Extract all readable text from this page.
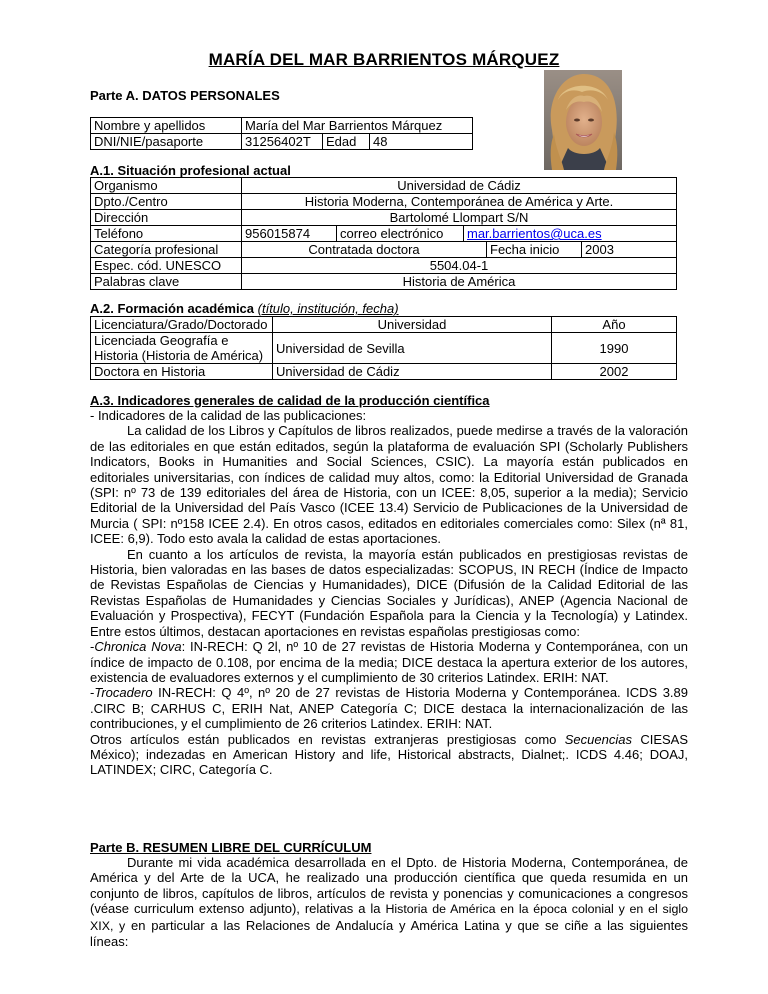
MARÍA DEL MAR BARRIENTOS MÁRQUEZ
Parte A. DATOS PERSONALES
Nombre y apellidos	María del Mar Barrientos Márquez		
DNI/NIE/pasaporte	31256402T	Edad	48
A.1. Situación profesional actual
Organismo	Universidad de Cádiz
Dpto./Centro	Historia Moderna, Contemporánea de América y Arte.
Dirección	Bartolomé Llompart S/N
Teléfono		956015874	correo electrónico	mar.barrientos@uca.es

Categoría profesional		Contratada doctora	Fecha inicio	2003

Espec. cód. UNESCO	5504.04-1
Palabras clave	Historia de América
A.2. Formación académica (título, institución, fecha)
Licenciatura/Grado/Doctorado	Universidad	Año

Licenciada Geografía e
Historia (Historia de América)	Universidad de Sevilla	1990
Doctora en Historia	Universidad de Cádiz	2002
A.3. Indicadores generales de calidad de la producción científica

- Indicadores de la calidad de las publicaciones:

La calidad de los Libros y Capítulos de libros realizados, puede medirse a través de la valoración de las editoriales en que están editados, según la plataforma de evaluación SPI (Scholarly Publishers Indicators, Books in Humanities and Social Sciences, CSIC). La mayoría están publicados en editoriales universitarias, con índices de calidad muy altos, como: la Editorial Universidad de Granada (SPI: nº 73 de 139 editoriales del área de Historia, con un ICEE: 8,05, superior a la media); Servicio Editorial de la Universidad del País Vasco (ICEE 13.4) Servicio de Publicaciones de la Universidad de Murcia ( SPI: nº158 ICEE 2.4). En otros casos, editados en editoriales comerciales como: Silex (nª 81, ICEE: 6,9). Todo esto avala la calidad de estas aportaciones.

En cuanto a los artículos de revista, la mayoría están publicados en prestigiosas revistas de Historia, bien valoradas en las bases de datos especializadas: SCOPUS, IN RECH (Índice de Impacto de Revistas Españolas de Ciencias y Humanidades), DICE (Difusión de la Calidad Editorial de las Revistas Españolas de Humanidades y Ciencias Sociales y Jurídicas), ANEP (Agencia Nacional de Evaluación y Prospectiva), FECYT (Fundación Española para la Ciencia y la Tecnología) y Latindex. Entre estos últimos, destacan aportaciones en revistas españolas prestigiosas como:

-Chronica Nova: IN-RECH: Q 2l, nº 10 de 27 revistas de Historia Moderna y Contemporánea, con un índice de impacto de 0.108, por encima de la media; DICE destaca la apertura exterior de los autores, existencia de evaluadores externos y el cumplimiento de 30 criterios Latindex. ERIH: NAT.

-Trocadero IN-RECH: Q 4º, nº 20 de 27 revistas de Historia Moderna y Contemporánea. ICDS 3.89 .CIRC B; CARHUS C, ERIH Nat, ANEP Categoría C; DICE destaca la internacionalización de las contribuciones, y el cumplimiento de 26 criterios Latindex. ERIH: NAT.

Otros artículos están publicados en revistas extranjeras prestigiosas como Secuencias CIESAS México); indezadas en American History and life, Historical abstracts, Dialnet;. ICDS 4.46; DOAJ, LATINDEX; CIRC, Categoría C.

Parte B. RESUMEN LIBRE DEL CURRÍCULUM

Durante mi vida académica desarrollada en el Dpto. de Historia Moderna, Contemporánea, de América y del Arte de la UCA, he realizado una producción científica que queda resumida en un conjunto de libros, capítulos de libros, artículos de revista y ponencias y comunicaciones a congresos (véase curriculum extenso adjunto), relativas a la Historia de América en la época colonial y en el siglo XIX, y en particular a las Relaciones de Andalucía y América Latina y que se ciñe a las siguientes líneas:
